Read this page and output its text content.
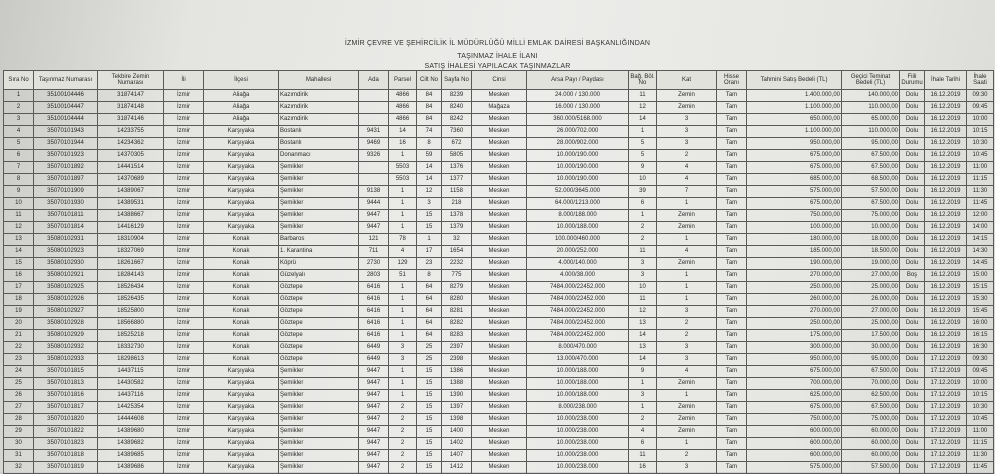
İZMİR ÇEVRE VE ŞEHİRCİLİK İL MÜDÜRLÜĞÜ MİLLİ EMLAK DAİRESİ BAŞKANLIĞINDAN
TAŞINMAZ İHALE İLANI
SATIŞ İHALESİ YAPILACAK TAŞINMAZLAR
Sıra No	Taşınmaz Numarası	Tekbire Zemin Numarası	İli	İlçesi	Mahallesi	Ada	Parsel	Cilt No	Sayfa No	Cinsi	Arsa Payı / Paydası	Bağ. Böl. No	Kat	Hisse Oranı	Tahmini Satış Bedeli (TL)	Geçici Teminat Bedeli (TL)	Fiili Durumu	İhale Tarihi	İhale Saati
1	35100104446	31874147	İzmir	Aliağa	Kazımdirik		4866	84	8239	Mesken	24.000 / 130.000	11	Zemin	Tam	1.400.000,00	140.000,00	Dolu	16.12.2019	09:30
2	35100104447	31874148	İzmir	Aliağa	Kazımdirik		4866	84	8240	Mağaza	16.000 / 130.000	12	Zemin	Tam	1.100.000,00	110.000,00	Dolu	16.12.2019	09:45
3	35100104444	31874146	İzmir	Aliağa	Kazımdirik		4866	84	8242	Mesken	360.000/5168.000	14	3	Tam	650.000,00	65.000,00	Dolu	16.12.2019	10:00
4	35070101943	14233755	İzmir	Karşıyaka	Bostanlı	9431	14	74	7360	Mesken	26.000/702.000	1	3	Tam	1.100.000,00	110.000,00	Dolu	16.12.2019	10:15
5	35070101944	14234362	İzmir	Karşıyaka	Bostanlı	9469	16	8	672	Mesken	28.000/902.000	5	3	Tam	950.000,00	95.000,00	Dolu	16.12.2019	10:30
6	35070101923	14370305	İzmir	Karşıyaka	Donanmacı	9326	1	59	5805	Mesken	10.000/190.000	5	2	Tam	675.000,00	67.500,00	Dolu	16.12.2019	10:45
7	35070101892	14441514	İzmir	Karşıyaka	Şemikler		5503	14	1376	Mesken	10.000/190.000	9	4	Tam	675.000,00	67.500,00	Dolu	16.12.2019	11:00
8	35070101897	14370689	İzmir	Karşıyaka	Şemikler		5503	14	1377	Mesken	10.000/190.000	10	4	Tam	685.000,00	68.500,00	Dolu	16.12.2019	11:15
9	35070101909	14389067	İzmir	Karşıyaka	Şemikler	9138	1	12	1158	Mesken	52.000/3645.000	39	7	Tam	575.000,00	57.500,00	Dolu	16.12.2019	11:30
10	35070101930	14389531	İzmir	Karşıyaka	Şemikler	9444	1	3	218	Mesken	64.000/1213.000	6	1	Tam	675.000,00	67.500,00	Dolu	16.12.2019	11:45
11	35070101811	14388667	İzmir	Karşıyaka	Şemikler	9447	1	15	1378	Mesken	8.000/188.000	1	Zemin	Tam	750.000,00	75.000,00	Dolu	16.12.2019	12:00
12	35070101814	14416129	İzmir	Karşıyaka	Şemikler	9447	1	15	1379	Mesken	10.000/188.000	2	Zemin	Tam	100.000,00	10.000,00	Dolu	16.12.2019	14:00
13	35080102931	18310904	İzmir	Konak	Barbaros	121	78	1	32	Mesken	100.000/460.000	2	1	Tam	180.000,00	18.000,00	Dolu	16.12.2019	14:15
14	35080102923	18327069	İzmir	Konak	1. Karantina	711	4	17	1654	Mesken	20.000/252.000	11	4	Tam	185.000,00	18.500,00	Dolu	16.12.2019	14:30
15	35080102930	18261667	İzmir	Konak	Köprü	2730	129	23	2232	Mesken	4.000/140.000	3	Zemin	Tam	190.000,00	19.000,00	Dolu	16.12.2019	14:45
16	35080102921	18284143	İzmir	Konak	Güzelyalı	2803	51	8	775	Mesken	4.000/38.000	3	1	Tam	270.000,00	27.000,00	Boş	16.12.2019	15:00
17	35080102925	18526434	İzmir	Konak	Göztepe	6416	1	64	8279	Mesken	7484.000/22452.000	10	1	Tam	250.000,00	25.000,00	Dolu	16.12.2019	15:15
18	35080102926	18526435	İzmir	Konak	Göztepe	6416	1	64	8280	Mesken	7484.000/22452.000	11	1	Tam	260.000,00	26.000,00	Dolu	16.12.2019	15:30
19	35080102927	18525800	İzmir	Konak	Göztepe	6416	1	64	8281	Mesken	7484.000/22452.000	12	3	Tam	270.000,00	27.000,00	Dolu	16.12.2019	15:45
20	35080102928	18566880	İzmir	Konak	Göztepe	6416	1	64	8282	Mesken	7484.000/22452.000	13	2	Tam	250.000,00	25.000,00	Dolu	16.12.2019	16:00
21	35080102929	18525218	İzmir	Konak	Göztepe	6416	1	64	8283	Mesken	7484.000/22452.000	14	2	Tam	175.000,00	17.500,00	Dolu	16.12.2019	16:15
22	35080102932	18332730	İzmir	Konak	Göztepe	6449	3	25	2397	Mesken	8.000/470.000	13	3	Tam	300.000,00	30.000,00	Dolu	16.12.2019	16:30
23	35080102933	18298613	İzmir	Konak	Göztepe	6449	3	25	2398	Mesken	13.000/470.000	14	3	Tam	950.000,00	95.000,00	Dolu	17.12.2019	09:30
24	35070101815	14437115	İzmir	Karşıyaka	Şemikler	9447	1	15	1386	Mesken	10.000/188.000	9	4	Tam	675.000,00	67.500,00	Dolu	17.12.2019	09:45
25	35070101813	14430582	İzmir	Karşıyaka	Şemikler	9447	1	15	1388	Mesken	10.000/188.000	1	Zemin	Tam	700.000,00	70.000,00	Dolu	17.12.2019	10:00
26	35070101816	14437116	İzmir	Karşıyaka	Şemikler	9447	1	15	1390	Mesken	10.000/188.000	3	1	Tam	625.000,00	62.500,00	Dolu	17.12.2019	10:15
27	35070101817	14425354	İzmir	Karşıyaka	Şemikler	9447	2	15	1397	Mesken	8.000/238.000	1	Zemin	Tam	675.000,00	67.500,00	Dolu	17.12.2019	10:30
28	35070101820	14444608	İzmir	Karşıyaka	Şemikler	9447	2	15	1398	Mesken	10.000/238.000	2	Zemin	Tam	750.000,00	75.000,00	Dolu	17.12.2019	10:45
29	35070101822	14389680	İzmir	Karşıyaka	Şemikler	9447	2	15	1400	Mesken	10.000/238.000	4	Zemin	Tam	600.000,00	60.000,00	Dolu	17.12.2019	11:00
30	35070101823	14389682	İzmir	Karşıyaka	Şemikler	9447	2	15	1402	Mesken	10.000/238.000	6	1	Tam	600.000,00	60.000,00	Dolu	17.12.2019	11:15
31	35070101818	14389685	İzmir	Karşıyaka	Şemikler	9447	2	15	1407	Mesken	10.000/238.000	11	2	Tam	600.000,00	60.000,00	Dolu	17.12.2019	11:30
32	35070101819	14389686	İzmir	Karşıyaka	Şemikler	9447	2	15	1412	Mesken	10.000/238.000	16	3	Tam	575.000,00	57.500,00	Dolu	17.12.2019	11:45
